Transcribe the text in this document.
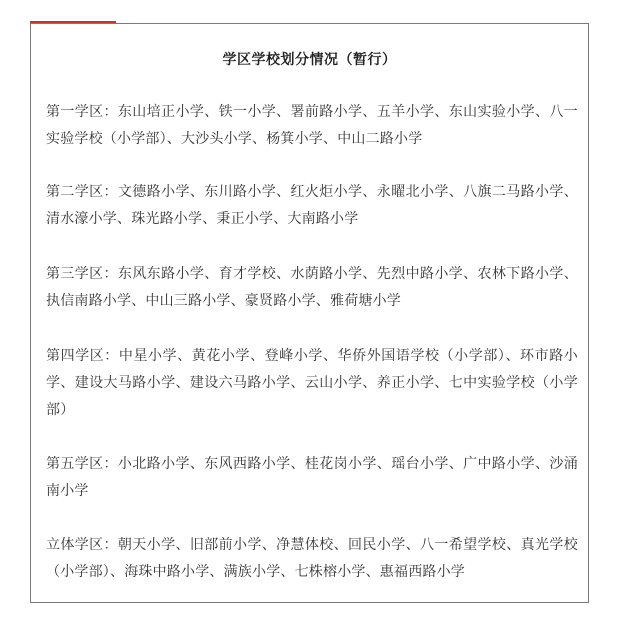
学区学校划分情况（暂行）
第一学区：东山培正小学、铁一小学、署前路小学、五羊小学、东山实验小学、八一实验学校（小学部）、大沙头小学、杨箕小学、中山二路小学
第二学区：文德路小学、东川路小学、红火炬小学、永曜北小学、八旗二马路小学、清水濠小学、珠光路小学、秉正小学、大南路小学
第三学区：东风东路小学、育才学校、水荫路小学、先烈中路小学、农林下路小学、执信南路小学、中山三路小学、豪贤路小学、雅荷塘小学
第四学区：中星小学、黄花小学、登峰小学、华侨外国语学校（小学部）、环市路小学、建设大马路小学、建设六马路小学、云山小学、养正小学、七中实验学校（小学部）
第五学区：小北路小学、东风西路小学、桂花岗小学、瑶台小学、广中路小学、沙涌南小学
立体学区：朝天小学、旧部前小学、净慧体校、回民小学、八一希望学校、真光学校（小学部）、海珠中路小学、满族小学、七株榕小学、惠福西路小学
